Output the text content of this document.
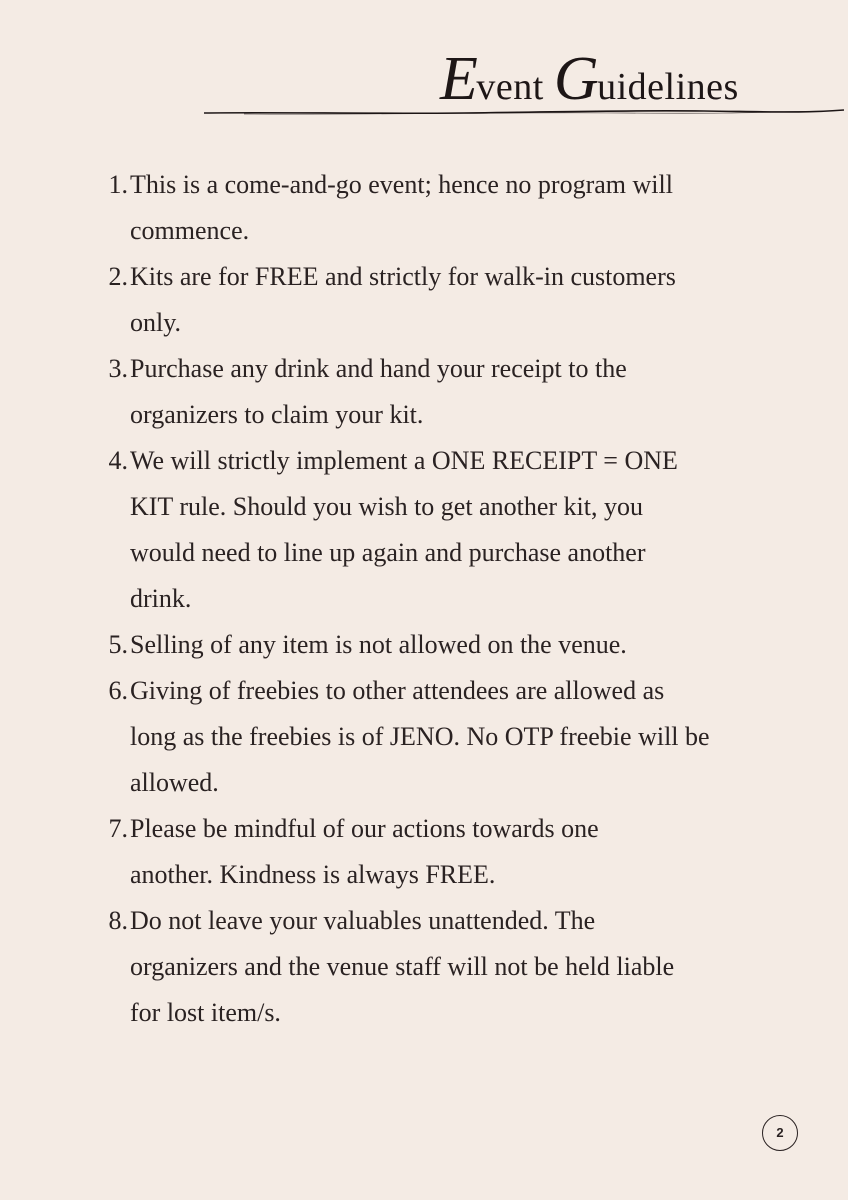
Event Guidelines
1. This is a come-and-go event; hence no program will
commence.
2. Kits are for FREE and strictly for walk-in customers
only.
3. Purchase any drink and hand your receipt to the
organizers to claim your kit.
4. We will strictly implement a ONE RECEIPT = ONE
KIT rule. Should you wish to get another kit, you
would need to line up again and purchase another
drink.
5. Selling of any item is not allowed on the venue.
6. Giving of freebies to other attendees are allowed as
long as the freebies is of JENO. No OTP freebie will be
allowed.
7. Please be mindful of our actions towards one
another. Kindness is always FREE.
8. Do not leave your valuables unattended. The
organizers and the venue staff will not be held liable
for lost item/s.
2
